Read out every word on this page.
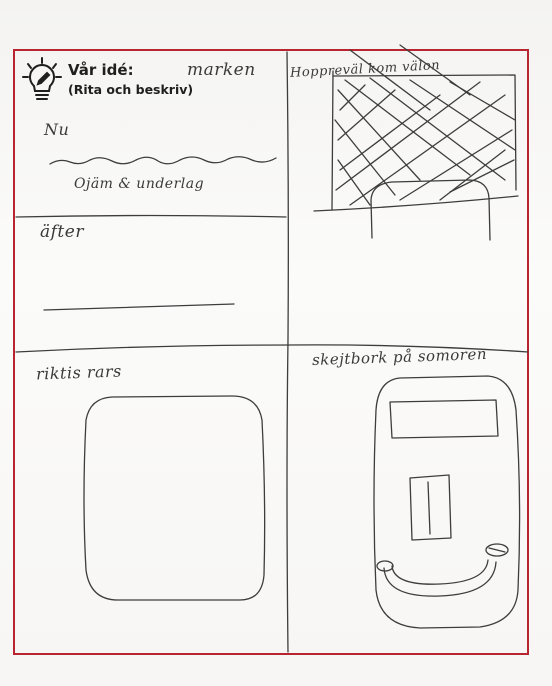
Vår idé:
(Rita och beskriv)
marken	Hoppreväl kom välon
Nu
Ojäm & underlag
äfter
riktis rars
skejtbork på somoren
